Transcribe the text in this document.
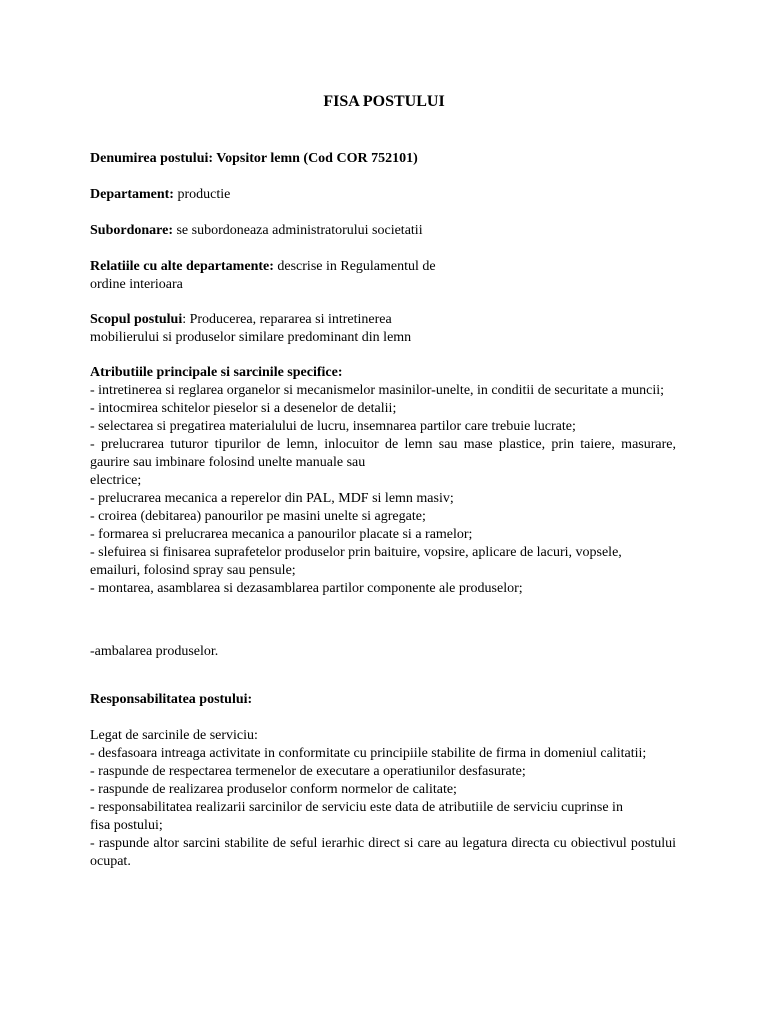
FISA POSTULUI
Denumirea postului: Vopsitor lemn (Cod COR 752101)
Departament: productie
Subordonare: se subordoneaza administratorului societatii
Relatiile cu alte departamente: descrise in Regulamentul de
ordine interioara
Scopul postului: Producerea, repararea si intretinerea
mobilierului si produselor similare predominant din lemn
Atributiile principale si sarcinile specifice:
- intretinerea si reglarea organelor si mecanismelor masinilor-unelte, in conditii de securitate a muncii;
- intocmirea schitelor pieselor si a desenelor de detalii;
- selectarea si pregatirea materialului de lucru, insemnarea partilor care trebuie lucrate;
- prelucrarea tuturor tipurilor de lemn, inlocuitor de lemn sau mase plastice, prin taiere, masurare, gaurire sau imbinare folosind unelte manuale sau
electrice;
- prelucrarea mecanica a reperelor din PAL, MDF si lemn masiv;
- croirea (debitarea) panourilor pe masini unelte si agregate;
- formarea si prelucrarea mecanica a panourilor placate si a ramelor;
- slefuirea si finisarea suprafetelor produselor prin baituire, vopsire, aplicare de lacuri, vopsele,
emailuri, folosind spray sau pensule;
- montarea, asamblarea si dezasamblarea partilor componente ale produselor;
-ambalarea produselor.
Responsabilitatea postului:
Legat de sarcinile de serviciu:
- desfasoara intreaga activitate in conformitate cu principiile stabilite de firma in domeniul calitatii;
- raspunde de respectarea termenelor de executare a operatiunilor desfasurate;
- raspunde de realizarea produselor conform normelor de calitate;
- responsabilitatea realizarii sarcinilor de serviciu este data de atributiile de serviciu cuprinse in
fisa postului;
- raspunde altor sarcini stabilite de seful ierarhic direct si care au legatura directa cu obiectivul postului ocupat.
